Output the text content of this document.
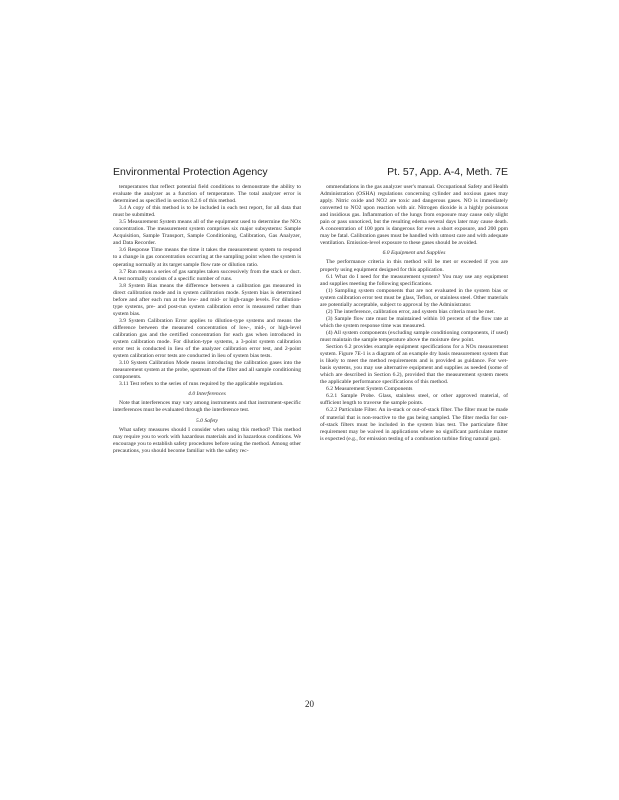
Environmental Protection Agency	Pt. 57, App. A-4, Meth. 7E

temperatures that reflect potential field conditions to demonstrate the ability to evaluate the analyzer as a function of temperature. The total analyzer error is determined as specified in section 8.2.6 of this method.

3.4 A copy of this method is to be included in each test report, for all data that must be submitted.

3.5 Measurement System means all of the equipment used to determine the NOx concentration. The measurement system comprises six major subsystems: Sample Acquisition, Sample Transport, Sample Conditioning, Calibration, Gas Analyzer, and Data Recorder.

3.6 Response Time means the time it takes the measurement system to respond to a change in gas concentration occurring at the sampling point when the system is operating normally at its target sample flow rate or dilution ratio.

3.7 Run means a series of gas samples taken successively from the stack or duct. A test normally consists of a specific number of runs.

3.8 System Bias means the difference between a calibration gas measured in direct calibration mode and in system calibration mode. System bias is determined before and after each run at the low- and mid- or high-range levels. For dilution-type systems, pre- and post-run system calibration error is measured rather than system bias.

3.9 System Calibration Error applies to dilution-type systems and means the difference between the measured concentration of low-, mid-, or high-level calibration gas and the certified concentration for each gas when introduced in system calibration mode. For dilution-type systems, a 3-point system calibration error test is conducted in lieu of the analyzer calibration error test, and 2-point system calibration error tests are conducted in lieu of system bias tests.

3.10 System Calibration Mode means introducing the calibration gases into the measurement system at the probe, upstream of the filter and all sample conditioning components.

3.11 Test refers to the series of runs required by the applicable regulation.

4.0 Interferences

Note that interferences may vary among instruments and that instrument-specific interferences must be evaluated through the interference test.

5.0 Safety

What safety measures should I consider when using this method? This method may require you to work with hazardous materials and in hazardous conditions. We encourage you to establish safety procedures before using the method. Among other precautions, you should become familiar with the safety rec-

ommendations in the gas analyzer user's manual. Occupational Safety and Health Administration (OSHA) regulations concerning cylinder and noxious gases may apply. Nitric oxide and NO2 are toxic and dangerous gases. NO is immediately converted to NO2 upon reaction with air. Nitrogen dioxide is a highly poisonous and insidious gas. Inflammation of the lungs from exposure may cause only slight pain or pass unnoticed, but the resulting edema several days later may cause death. A concentration of 100 ppm is dangerous for even a short exposure, and 200 ppm may be fatal. Calibration gases must be handled with utmost care and with adequate ventilation. Emission-level exposure to these gases should be avoided.

6.0 Equipment and Supplies

The performance criteria in this method will be met or exceeded if you are properly using equipment designed for this application.

6.1 What do I need for the measurement system? You may use any equipment and supplies meeting the following specifications.

(1) Sampling system components that are not evaluated in the system bias or system calibration error test must be glass, Teflon, or stainless steel. Other materials are potentially acceptable, subject to approval by the Administrator.

(2) The interference, calibration error, and system bias criteria must be met.

(3) Sample flow rate must be maintained within 10 percent of the flow rate at which the system response time was measured.

(4) All system components (excluding sample conditioning components, if used) must maintain the sample temperature above the moisture dew point.

Section 6.2 provides example equipment specifications for a NOx measurement system. Figure 7E-1 is a diagram of an example dry basis measurement system that is likely to meet the method requirements and is provided as guidance. For wet-basis systems, you may use alternative equipment and supplies as needed (some of which are described in Section 6.2), provided that the measurement system meets the applicable performance specifications of this method.

6.2 Measurement System Components

6.2.1 Sample Probe. Glass, stainless steel, or other approved material, of sufficient length to traverse the sample points.

6.2.2 Particulate Filter. An in-stack or out-of-stack filter. The filter must be made of material that is non-reactive to the gas being sampled. The filter media for out-of-stack filters must be included in the system bias test. The particulate filter requirement may be waived in applications where no significant particulate matter is expected (e.g., for emission testing of a combustion turbine firing natural gas).

20
